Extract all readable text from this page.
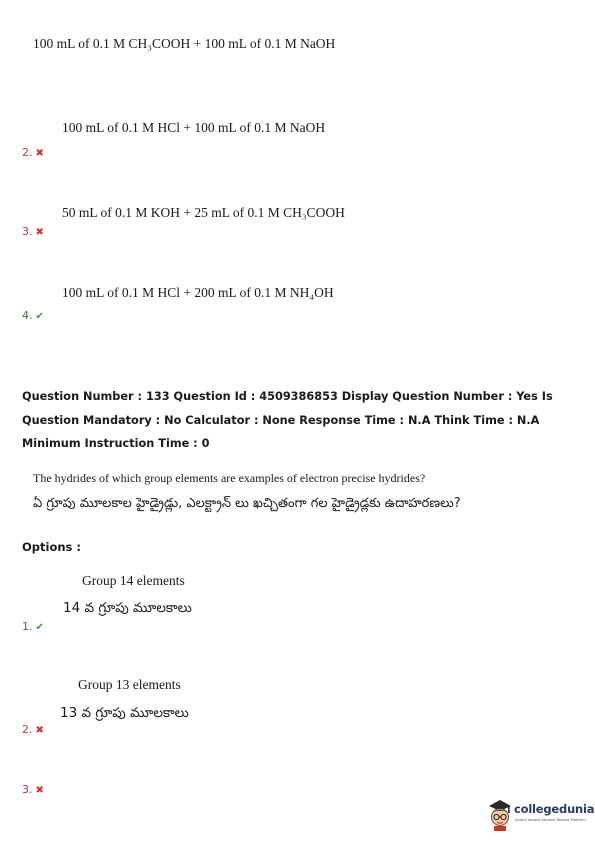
100 mL of 0.1 M CH₃COOH + 100 mL of 0.1 M NaOH
100 mL of 0.1 M HCl + 100 mL of 0.1 M NaOH
2. ✖
50 mL of 0.1 M KOH + 25 mL of 0.1 M CH₃COOH
3. ✖
100 mL of 0.1 M HCl + 200 mL of 0.1 M NH₄OH
4. ✔
Question Number : 133 Question Id : 4509386853 Display Question Number : Yes Is Question Mandatory : No Calculator : None Response Time : N.A Think Time : N.A Minimum Instruction Time : 0
The hydrides of which group elements are examples of electron precise hydrides?
ఏ గ్రూపు మూలకాల హైడ్రైడ్లు, ఎలక్ట్రాన్ లు ఖచ్చితంగా గల హైడ్రైడ్లకు ఉదాహరణలు?
Options :
Group 14 elements
14 వ గ్రూపు మూలకాలు
1. ✔
Group 13 elements
13 వ గ్రూపు మూలకాలు
2. ✖
3. ✖
collegedunia
India's largest Student Review Platform
